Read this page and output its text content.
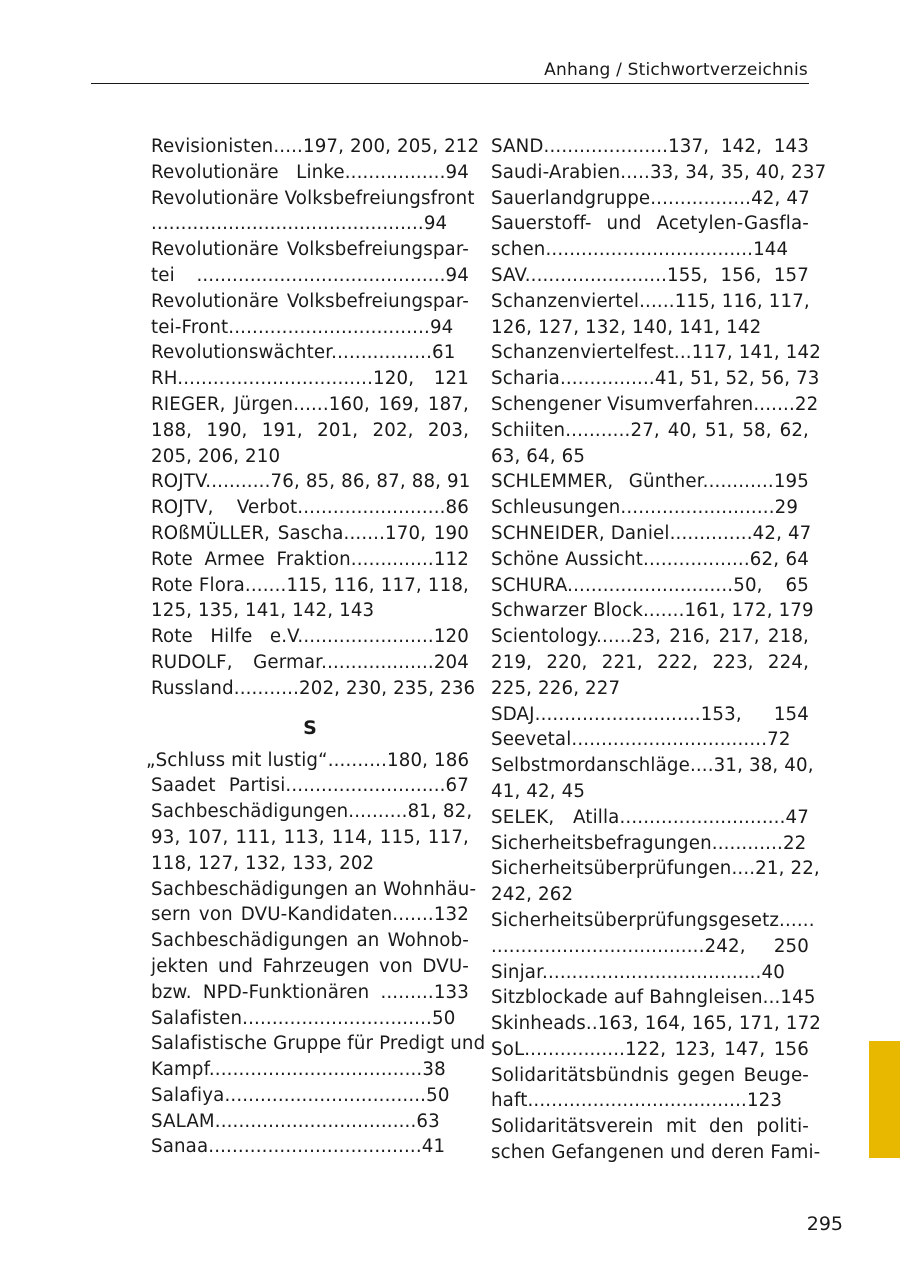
Anhang / Stichwortverzeichnis
Revisionisten.....197, 200, 205, 212
Revolutionäre Linke.................94
Revolutionäre Volksbefreiungsfront
..............................................94
Revolutionäre Volksbefreiungspar-
tei ..........................................94
Revolutionäre Volksbefreiungspar-
tei-Front..................................94
Revolutionswächter.................61
RH.................................120, 121
RIEGER, Jürgen......160, 169, 187,
188, 190, 191, 201, 202, 203,
205, 206, 210
ROJTV...........76, 85, 86, 87, 88, 91
ROJTV, Verbot.........................86
ROßMÜLLER, Sascha.......170, 190
Rote Armee Fraktion..............112
Rote Flora.......115, 116, 117, 118,
125, 135, 141, 142, 143
Rote Hilfe e.V.......................120
RUDOLF, Germar...................204
Russland...........202, 230, 235, 236
S
„Schluss mit lustig“..........180, 186
Saadet Partisi...........................67
Sachbeschädigungen..........81, 82,
93, 107, 111, 113, 114, 115, 117,
118, 127, 132, 133, 202
Sachbeschädigungen an Wohnhäu-
sern von DVU-Kandidaten.......132
Sachbeschädigungen an Wohnob-
jekten und Fahrzeugen von DVU-
bzw. NPD-Funktionären .........133
Salafisten................................50
Salafistische Gruppe für Predigt und
Kampf....................................38
Salafiya..................................50
SALAM..................................63
Sanaa....................................41
SAND.....................137, 142, 143
Saudi-Arabien.....33, 34, 35, 40, 237
Sauerlandgruppe.................42, 47
Sauerstoff- und Acetylen-Gasfla-
schen...................................144
SAV........................155, 156, 157
Schanzenviertel......115, 116, 117,
126, 127, 132, 140, 141, 142
Schanzenviertelfest...117, 141, 142
Scharia................41, 51, 52, 56, 73
Schengener Visumverfahren.......22
Schiiten...........27, 40, 51, 58, 62,
63, 64, 65
SCHLEMMER, Günther............195
Schleusungen..........................29
SCHNEIDER, Daniel..............42, 47
Schöne Aussicht..................62, 64
SCHURA............................50, 65
Schwarzer Block.......161, 172, 179
Scientology......23, 216, 217, 218,
219, 220, 221, 222, 223, 224,
225, 226, 227
SDAJ............................153, 154
Seevetal.................................72
Selbstmordanschläge....31, 38, 40,
41, 42, 45
SELEK, Atilla............................47
Sicherheitsbefragungen............22
Sicherheitsüberprüfungen....21, 22,
242, 262
Sicherheitsüberprüfungsgesetz......
....................................242, 250
Sinjar.....................................40
Sitzblockade auf Bahngleisen...145
Skinheads..163, 164, 165, 171, 172
SoL.................122, 123, 147, 156
Solidaritätsbündnis gegen Beuge-
haft.....................................123
Solidaritätsverein mit den politi-
schen Gefangenen und deren Fami-
295
